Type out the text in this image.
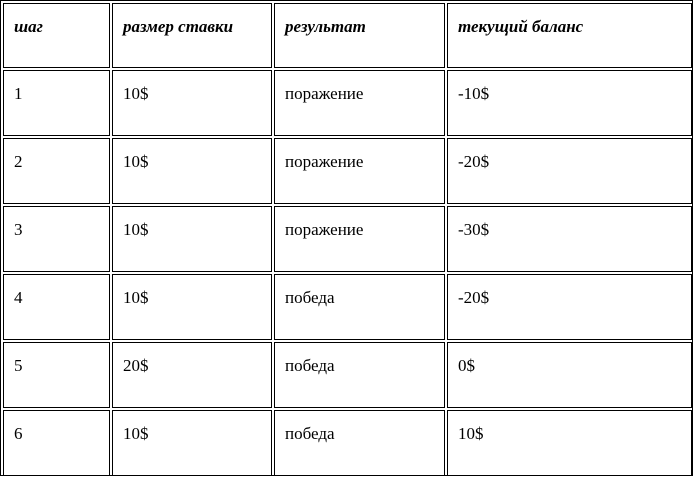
шаг	размер ставки	результат	текущий баланс
1	10$	поражение	-10$
2	10$	поражение	-20$
3	10$	поражение	-30$
4	10$	победа	-20$
5	20$	победа	0$
6	10$	победа	10$
